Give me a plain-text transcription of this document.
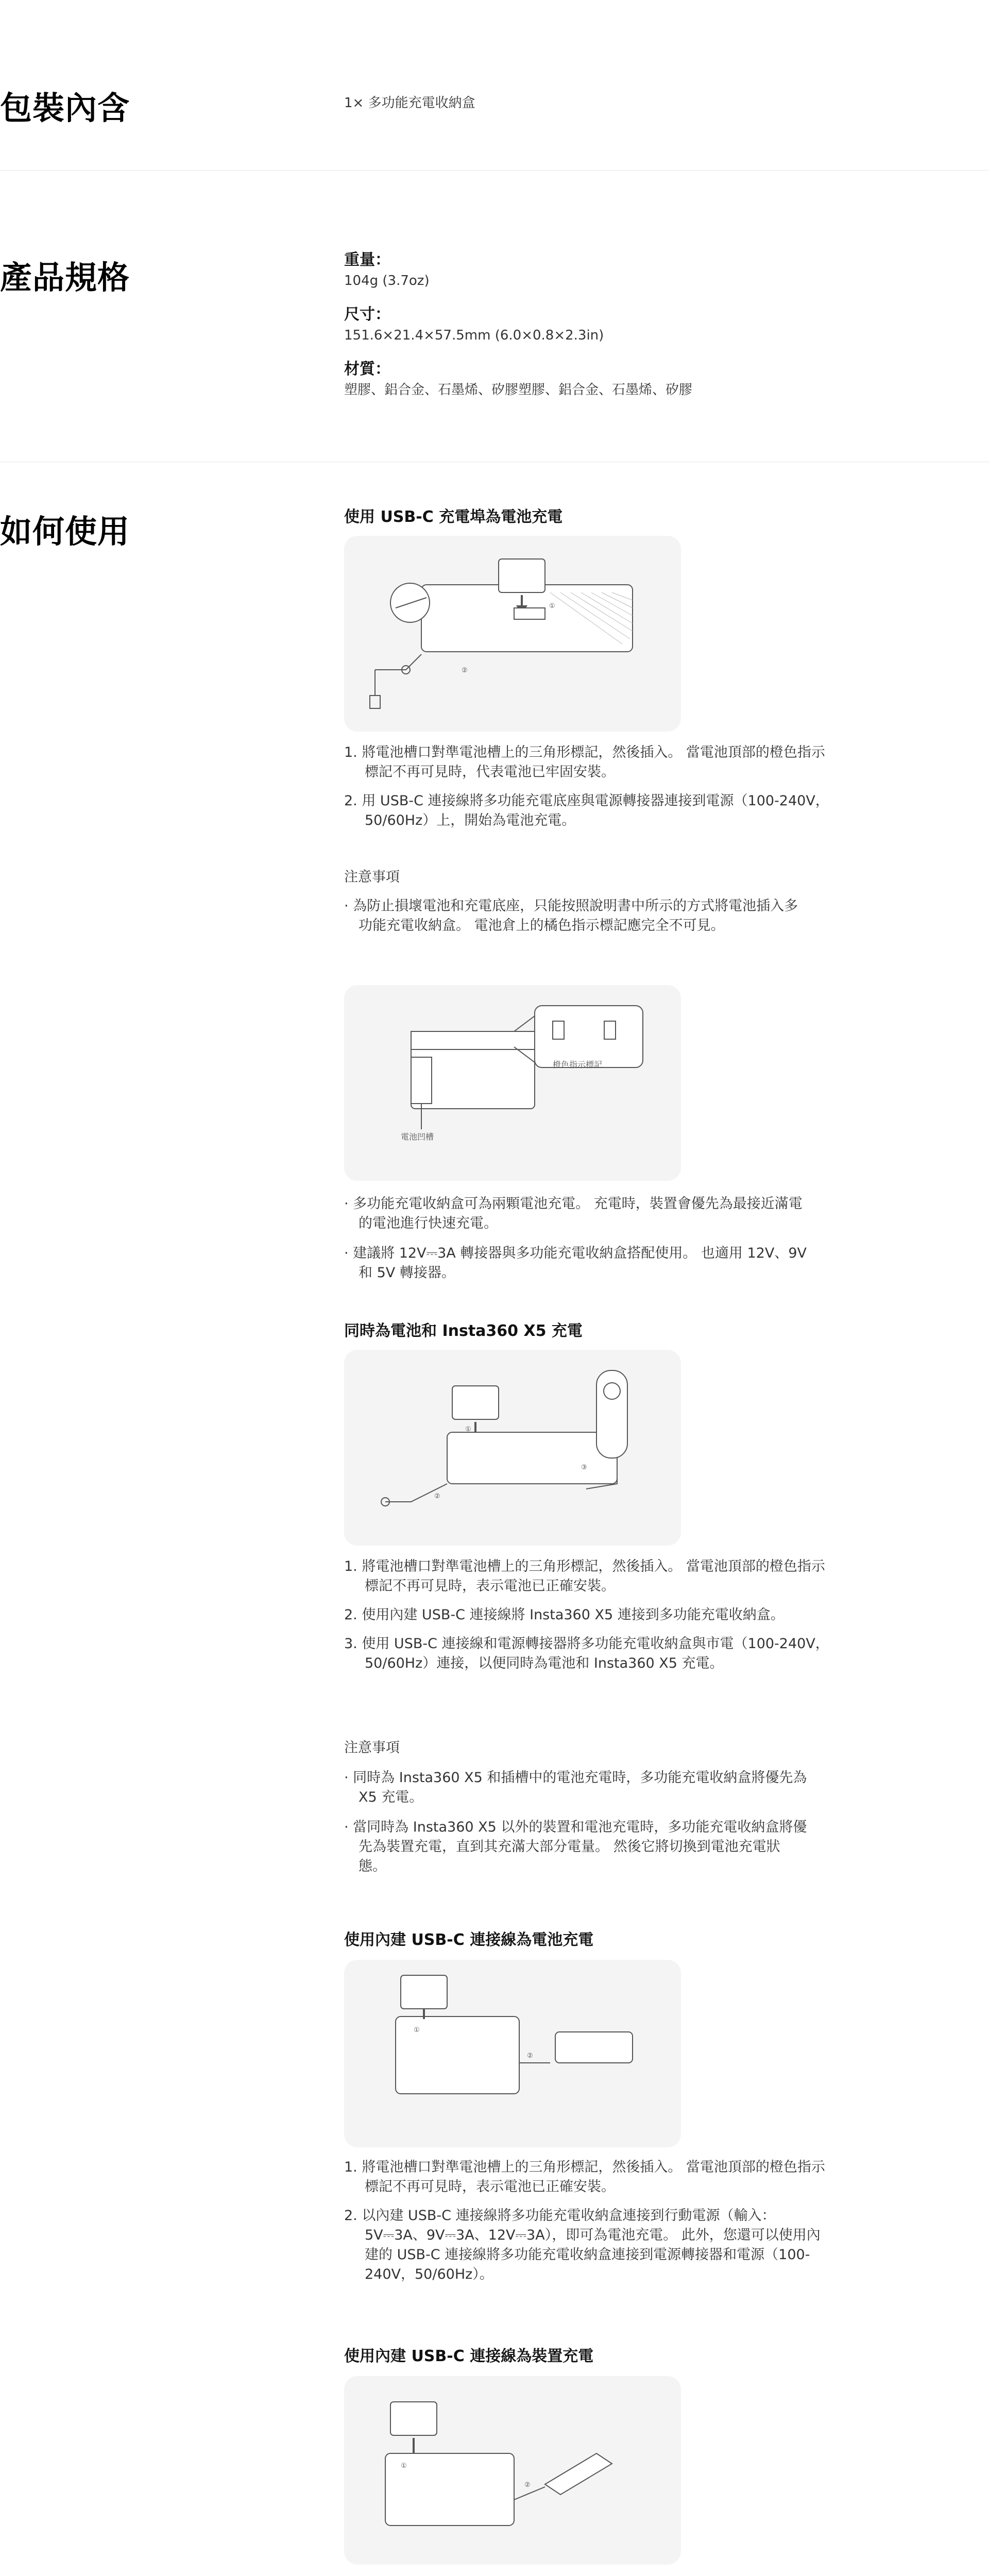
包裝內含	1× 多功能充電收納盒
產品規格	重量：
104g (3.7oz)
尺寸：
151.6×21.4×57.5mm (6.0×0.8×2.3in)
材質：
塑膠、鋁合金、石墨烯、矽膠塑膠、鋁合金、石墨烯、矽膠
如何使用	使用 USB-C 充電埠為電池充電
①
②
1. 將電池槽口對準電池槽上的三角形標記，然後插入。 當電池頂部的橙色指示標記不再可見時，代表電池已牢固安裝。
2. 用 USB-C 連接線將多功能充電底座與電源轉接器連接到電源（100-240V，50/60Hz）上，開始為電池充電。
注意事項
· 為防止損壞電池和充電底座，只能按照說明書中所示的方式將電池插入多功能充電收納盒。 電池倉上的橘色指示標記應完全不可見。
橙色指示標記
電池凹槽
· 多功能充電收納盒可為兩顆電池充電。 充電時，裝置會優先為最接近滿電的電池進行快速充電。
· 建議將 12V⎓3A 轉接器與多功能充電收納盒搭配使用。 也適用 12V、9V 和 5V 轉接器。
同時為電池和 Insta360 X5 充電
①
②
③
1. 將電池槽口對準電池槽上的三角形標記，然後插入。 當電池頂部的橙色指示標記不再可見時，表示電池已正確安裝。
2. 使用內建 USB-C 連接線將 Insta360 X5 連接到多功能充電收納盒。
3. 使用 USB-C 連接線和電源轉接器將多功能充電收納盒與市電（100-240V，50/60Hz）連接，以便同時為電池和 Insta360 X5 充電。
注意事項
· 同時為 Insta360 X5 和插槽中的電池充電時，多功能充電收納盒將優先為 X5 充電。
· 當同時為 Insta360 X5 以外的裝置和電池充電時，多功能充電收納盒將優先為裝置充電，直到其充滿大部分電量。 然後它將切換到電池充電狀態。
使用內建 USB-C 連接線為電池充電
①
②
1. 將電池槽口對準電池槽上的三角形標記，然後插入。 當電池頂部的橙色指示標記不再可見時，表示電池已正確安裝。
2. 以內建 USB-C 連接線將多功能充電收納盒連接到行動電源（輸入：5V⎓3A、9V⎓3A、12V⎓3A），即可為電池充電。 此外，您還可以使用內建的 USB-C 連接線將多功能充電收納盒連接到電源轉接器和電源（100-240V，50/60Hz）。
使用內建 USB-C 連接線為裝置充電
①
②
